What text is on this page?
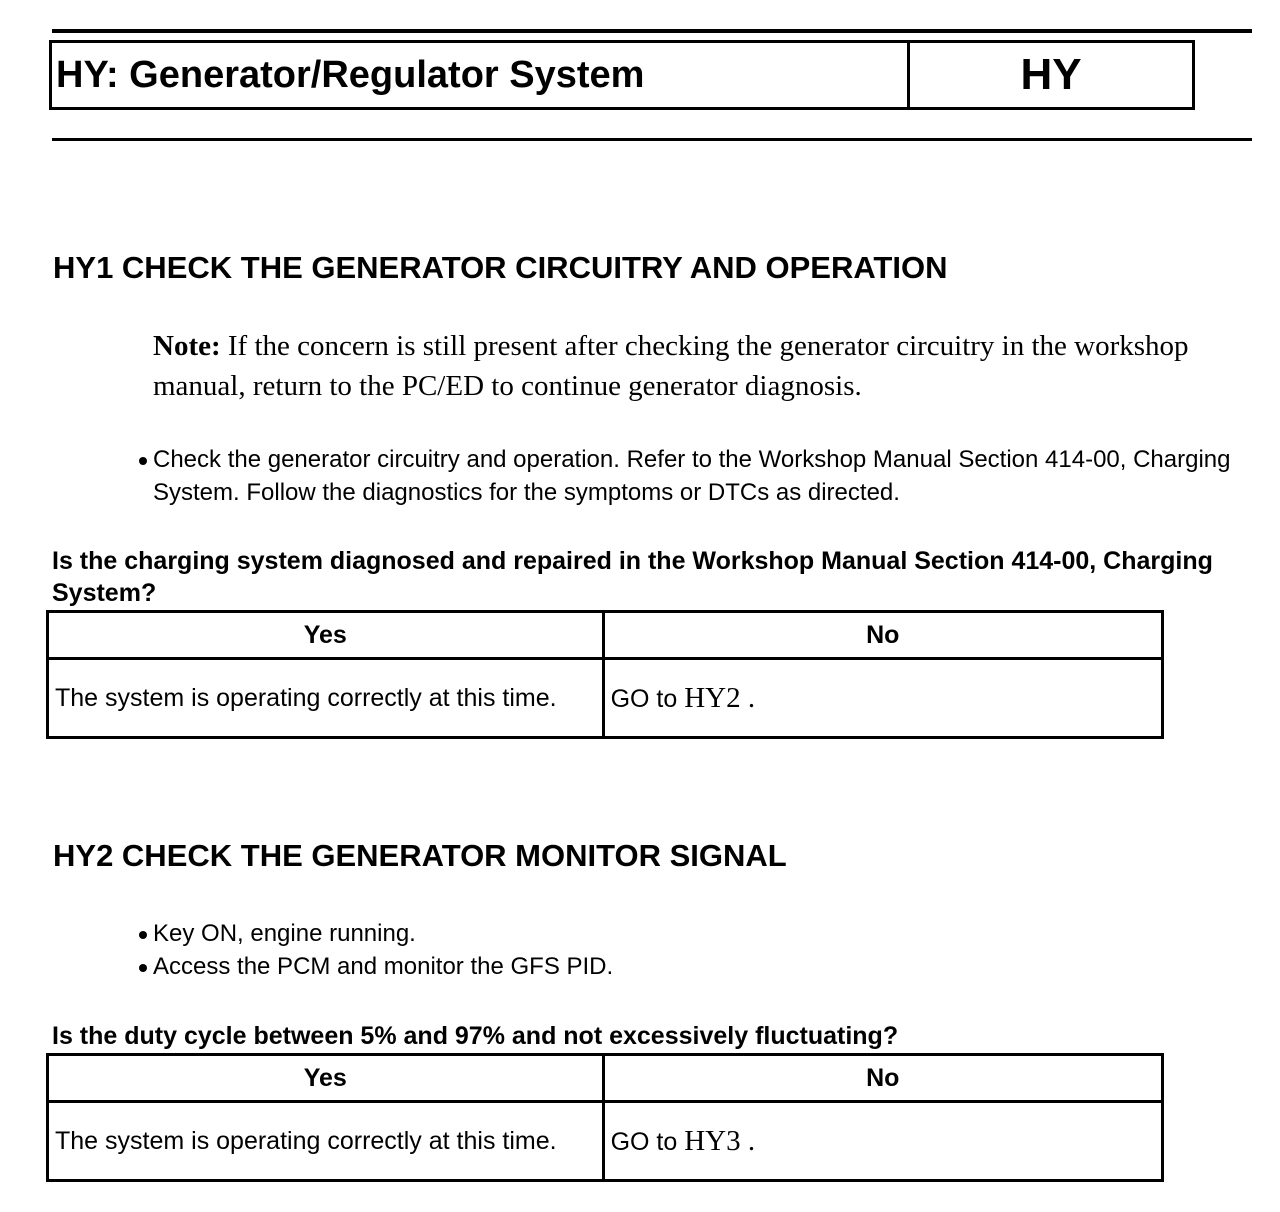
HY: Generator/Regulator System	HY
HY1 CHECK THE GENERATOR CIRCUITRY AND OPERATION

Note: If the concern is still present after checking the generator circuitry in the workshop manual, return to the PC/ED to continue generator diagnosis.

Check the generator circuitry and operation. Refer to the Workshop Manual Section 414-00, Charging System. Follow the diagnostics for the symptoms or DTCs as directed.

Is the charging system diagnosed and repaired in the Workshop Manual Section 414-00, Charging System?

Yes	No
The system is operating correctly at this time.	GO to HY2 .
HY2 CHECK THE GENERATOR MONITOR SIGNAL
Key ON, engine running.
Access the PCM and monitor the GFS PID.

Is the duty cycle between 5% and 97% and not excessively fluctuating?

Yes	No
The system is operating correctly at this time.	GO to HY3 .
